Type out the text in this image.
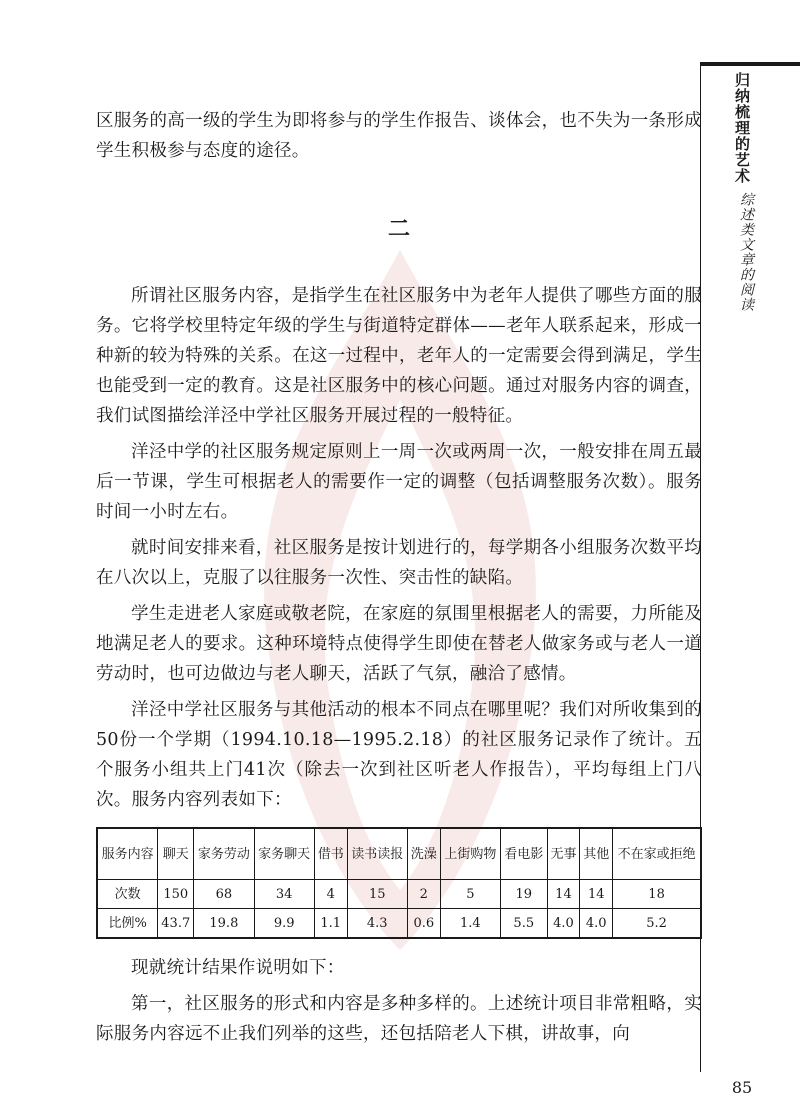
归纳梳理的艺术
综述类文章的阅读

区服务的高一级的学生为即将参与的学生作报告、谈体会，也不失为一条形成学生积极参与态度的途径。

二

所谓社区服务内容，是指学生在社区服务中为老年人提供了哪些方面的服务。它将学校里特定年级的学生与街道特定群体——老年人联系起来，形成一种新的较为特殊的关系。在这一过程中，老年人的一定需要会得到满足，学生也能受到一定的教育。这是社区服务中的核心问题。通过对服务内容的调查，我们试图描绘洋泾中学社区服务开展过程的一般特征。

洋泾中学的社区服务规定原则上一周一次或两周一次，一般安排在周五最后一节课，学生可根据老人的需要作一定的调整（包括调整服务次数）。服务时间一小时左右。

就时间安排来看，社区服务是按计划进行的，每学期各小组服务次数平均在八次以上，克服了以往服务一次性、突击性的缺陷。

学生走进老人家庭或敬老院，在家庭的氛围里根据老人的需要，力所能及地满足老人的要求。这种环境特点使得学生即使在替老人做家务或与老人一道劳动时，也可边做边与老人聊天，活跃了气氛，融洽了感情。

洋泾中学社区服务与其他活动的根本不同点在哪里呢？我们对所收集到的50份一个学期（1994.10.18—1995.2.18）的社区服务记录作了统计。五个服务小组共上门41次（除去一次到社区听老人作报告），平均每组上门八次。服务内容列表如下：

服务内容	聊天	家务劳动	家务聊天	借书	读书读报	洗澡	上街购物	看电影	无事	其他	不在家或拒绝
次数	150	68	34	4	15	2	5	19	14	14	18
比例%	43.7	19.8	9.9	1.1	4.3	0.6	1.4	5.5	4.0	4.0	5.2

现就统计结果作说明如下：

第一，社区服务的形式和内容是多种多样的。上述统计项目非常粗略，实际服务内容远不止我们列举的这些，还包括陪老人下棋，讲故事，向

85
